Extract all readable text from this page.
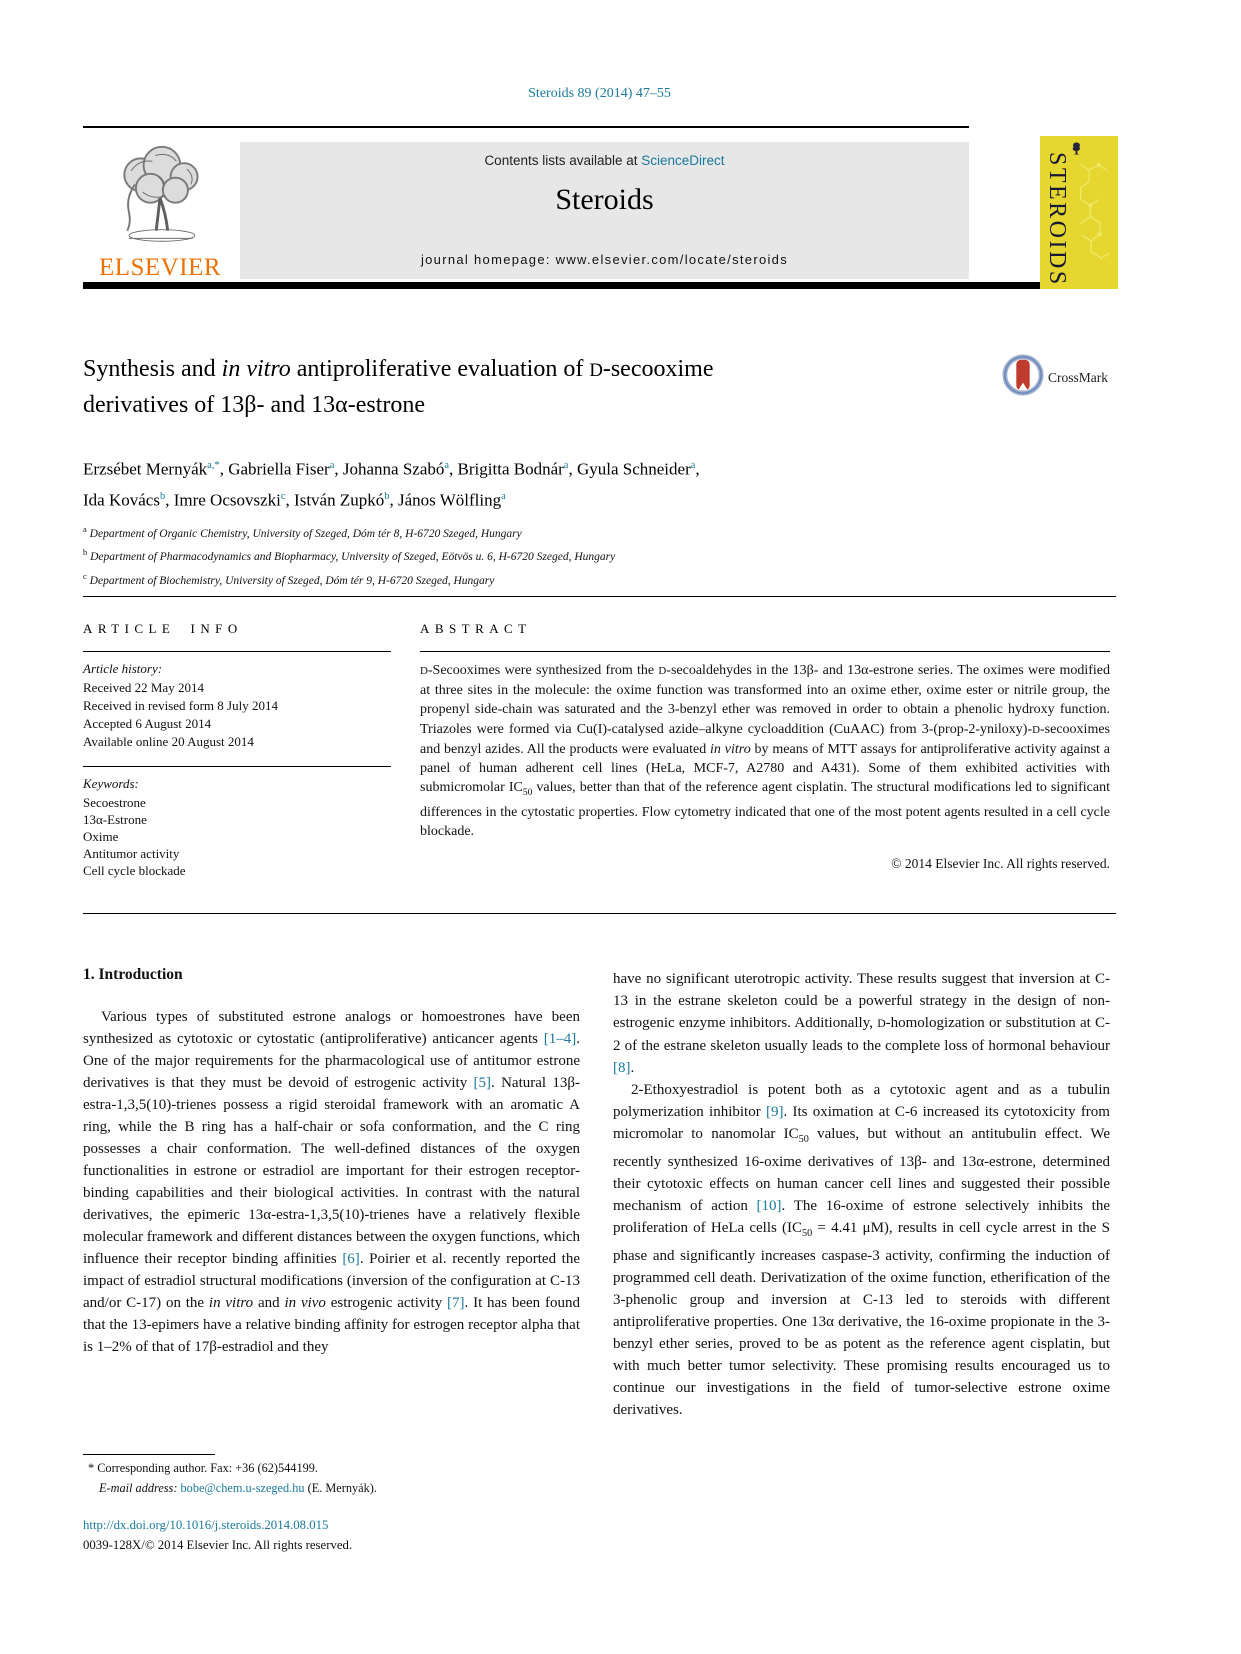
Steroids 89 (2014) 47–55
ELSEVIER
Contents lists available at ScienceDirect
Steroids
journal homepage: www.elsevier.com/locate/steroids	STEROIDS
Synthesis and in vitro antiproliferative evaluation of D-secooxime
derivatives of 13β- and 13α-estrone
CrossMark
Erzsébet Mernyák$^{a,*}$, Gabriella Fiser$^a$, Johanna Szabó$^a$, Brigitta Bodnár$^a$, Gyula Schneider$^a$,
Ida Kovács$^b$, Imre Ocsovszki$^c$, István Zupkó$^b$, János Wölfling$^a$
$^a$ Department of Organic Chemistry, University of Szeged, Dóm tér 8, H-6720 Szeged, Hungary
$^b$ Department of Pharmacodynamics and Biopharmacy, University of Szeged, Eötvös u. 6, H-6720 Szeged, Hungary
$^c$ Department of Biochemistry, University of Szeged, Dóm tér 9, H-6720 Szeged, Hungary
ARTICLE INFO
Article history:
Received 22 May 2014
Received in revised form 8 July 2014
Accepted 6 August 2014
Available online 20 August 2014
Keywords:
Secoestrone
13α-Estrone
Oxime
Antitumor activity
Cell cycle blockade
ABSTRACT
D-Secooximes were synthesized from the D-secoaldehydes in the 13β- and 13α-estrone series. The oximes were modified at three sites in the molecule: the oxime function was transformed into an oxime ether, oxime ester or nitrile group, the propenyl side-chain was saturated and the 3-benzyl ether was removed in order to obtain a phenolic hydroxy function. Triazoles were formed via Cu(I)-catalysed azide–alkyne cycloaddition (CuAAC) from 3-(prop-2-yniloxy)-D-secooximes and benzyl azides. All the products were evaluated in vitro by means of MTT assays for antiproliferative activity against a panel of human adherent cell lines (HeLa, MCF-7, A2780 and A431). Some of them exhibited activities with submicromolar $IC_{50}$ values, better than that of the reference agent cisplatin. The structural modifications led to significant differences in the cytostatic properties. Flow cytometry indicated that one of the most potent agents resulted in a cell cycle blockade.
© 2014 Elsevier Inc. All rights reserved.
1. Introduction

Various types of substituted estrone analogs or homoestrones have been synthesized as cytotoxic or cytostatic (antiproliferative) anticancer agents [1–4]. One of the major requirements for the pharmacological use of antitumor estrone derivatives is that they must be devoid of estrogenic activity [5]. Natural 13β-estra-1,3,5(10)-trienes possess a rigid steroidal framework with an aromatic A ring, while the B ring has a half-chair or sofa conformation, and the C ring possesses a chair conformation. The well-defined distances of the oxygen functionalities in estrone or estradiol are important for their estrogen receptor-binding capabilities and their biological activities. In contrast with the natural derivatives, the epimeric 13α-estra-1,3,5(10)-trienes have a relatively flexible molecular framework and different distances between the oxygen functions, which influence their receptor binding affinities [6]. Poirier et al. recently reported the impact of estradiol structural modifications (inversion of the configuration at C-13 and/or C-17) on the in vitro and in vivo estrogenic activity [7]. It has been found that the 13-epimers have a relative binding affinity for estrogen receptor alpha that is 1–2% of that of 17β-estradiol and they

have no significant uterotropic activity. These results suggest that inversion at C-13 in the estrane skeleton could be a powerful strategy in the design of non-estrogenic enzyme inhibitors. Additionally, D-homologization or substitution at C-2 of the estrane skeleton usually leads to the complete loss of hormonal behaviour [8].

2-Ethoxyestradiol is potent both as a cytotoxic agent and as a tubulin polymerization inhibitor [9]. Its oximation at C-6 increased its cytotoxicity from micromolar to nanomolar $IC_{50}$ values, but without an antitubulin effect. We recently synthesized 16-oxime derivatives of 13β- and 13α-estrone, determined their cytotoxic effects on human cancer cell lines and suggested their possible mechanism of action [10]. The 16-oxime of estrone selectively inhibits the proliferation of HeLa cells ($IC_{50} = 4.41$ μM), results in cell cycle arrest in the S phase and significantly increases caspase-3 activity, confirming the induction of programmed cell death. Derivatization of the oxime function, etherification of the 3-phenolic group and inversion at C-13 led to steroids with different antiproliferative properties. One 13α derivative, the 16-oxime propionate in the 3-benzyl ether series, proved to be as potent as the reference agent cisplatin, but with much better tumor selectivity. These promising results encouraged us to continue our investigations in the field of tumor-selective estrone oxime derivatives.

* Corresponding author. Fax: +36 (62)544199.
E-mail address: bobe@chem.u-szeged.hu (E. Mernyák).
http://dx.doi.org/10.1016/j.steroids.2014.08.015
0039-128X/© 2014 Elsevier Inc. All rights reserved.
